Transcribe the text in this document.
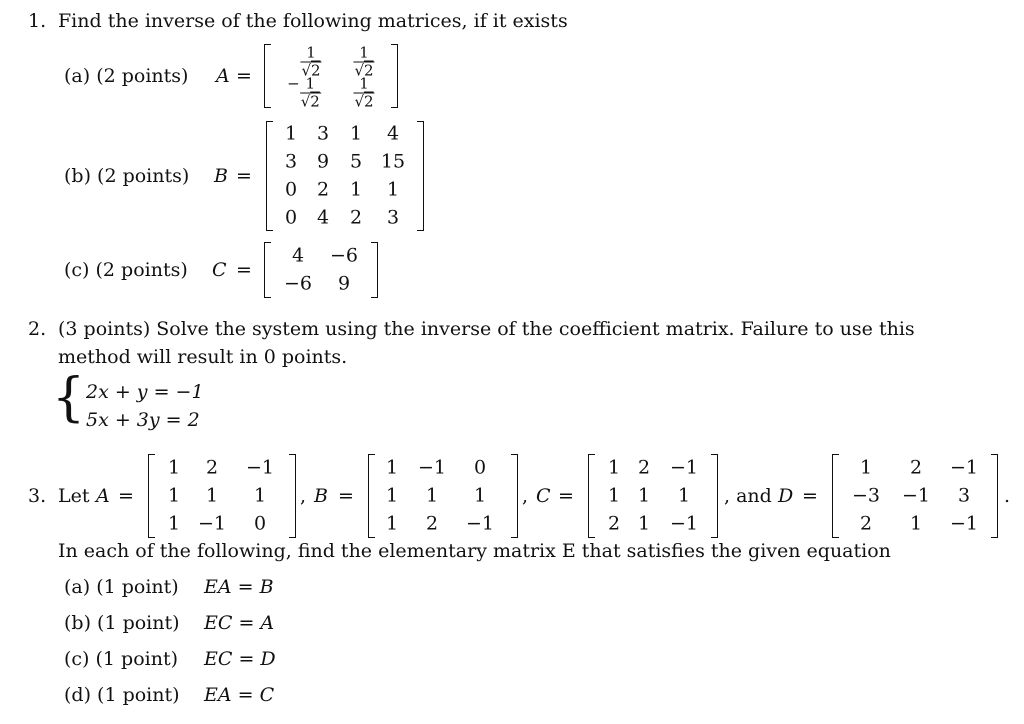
1. Find the inverse of the following matrices, if it exists
(a) (2 points) A =	$\frac{1}{√2} \frac{1}{√2}$
− $\frac{1}{√2} \frac{1}{√2}$
(b) (2 points) B =
1 3 1 4
3 9 5 15
0 2 1 1
0 4 2 3
(c) (2 points) C =
4 −6
−6 9
2. (3 points) Solve the system using the inverse of the coefficient matrix. Failure to use this
method will result in 0 points.
{ 2x + y = −1
5x + 3y = 2
3. Let A =
1 2 −1
1 1 1
1 −1 0
, B =
1 −1 0
1 1 1
1 2 −1
, C =
1 2 −1
1 1 1
2 1 −1
, and D =
1 2 −1
−3 −1 3
2 1 −1
.
In each of the following, find the elementary matrix E that satisfies the given equation
(a) (1 point) EA = B
(b) (1 point) EC = A
(c) (1 point) EC = D
(d) (1 point) EA = C
